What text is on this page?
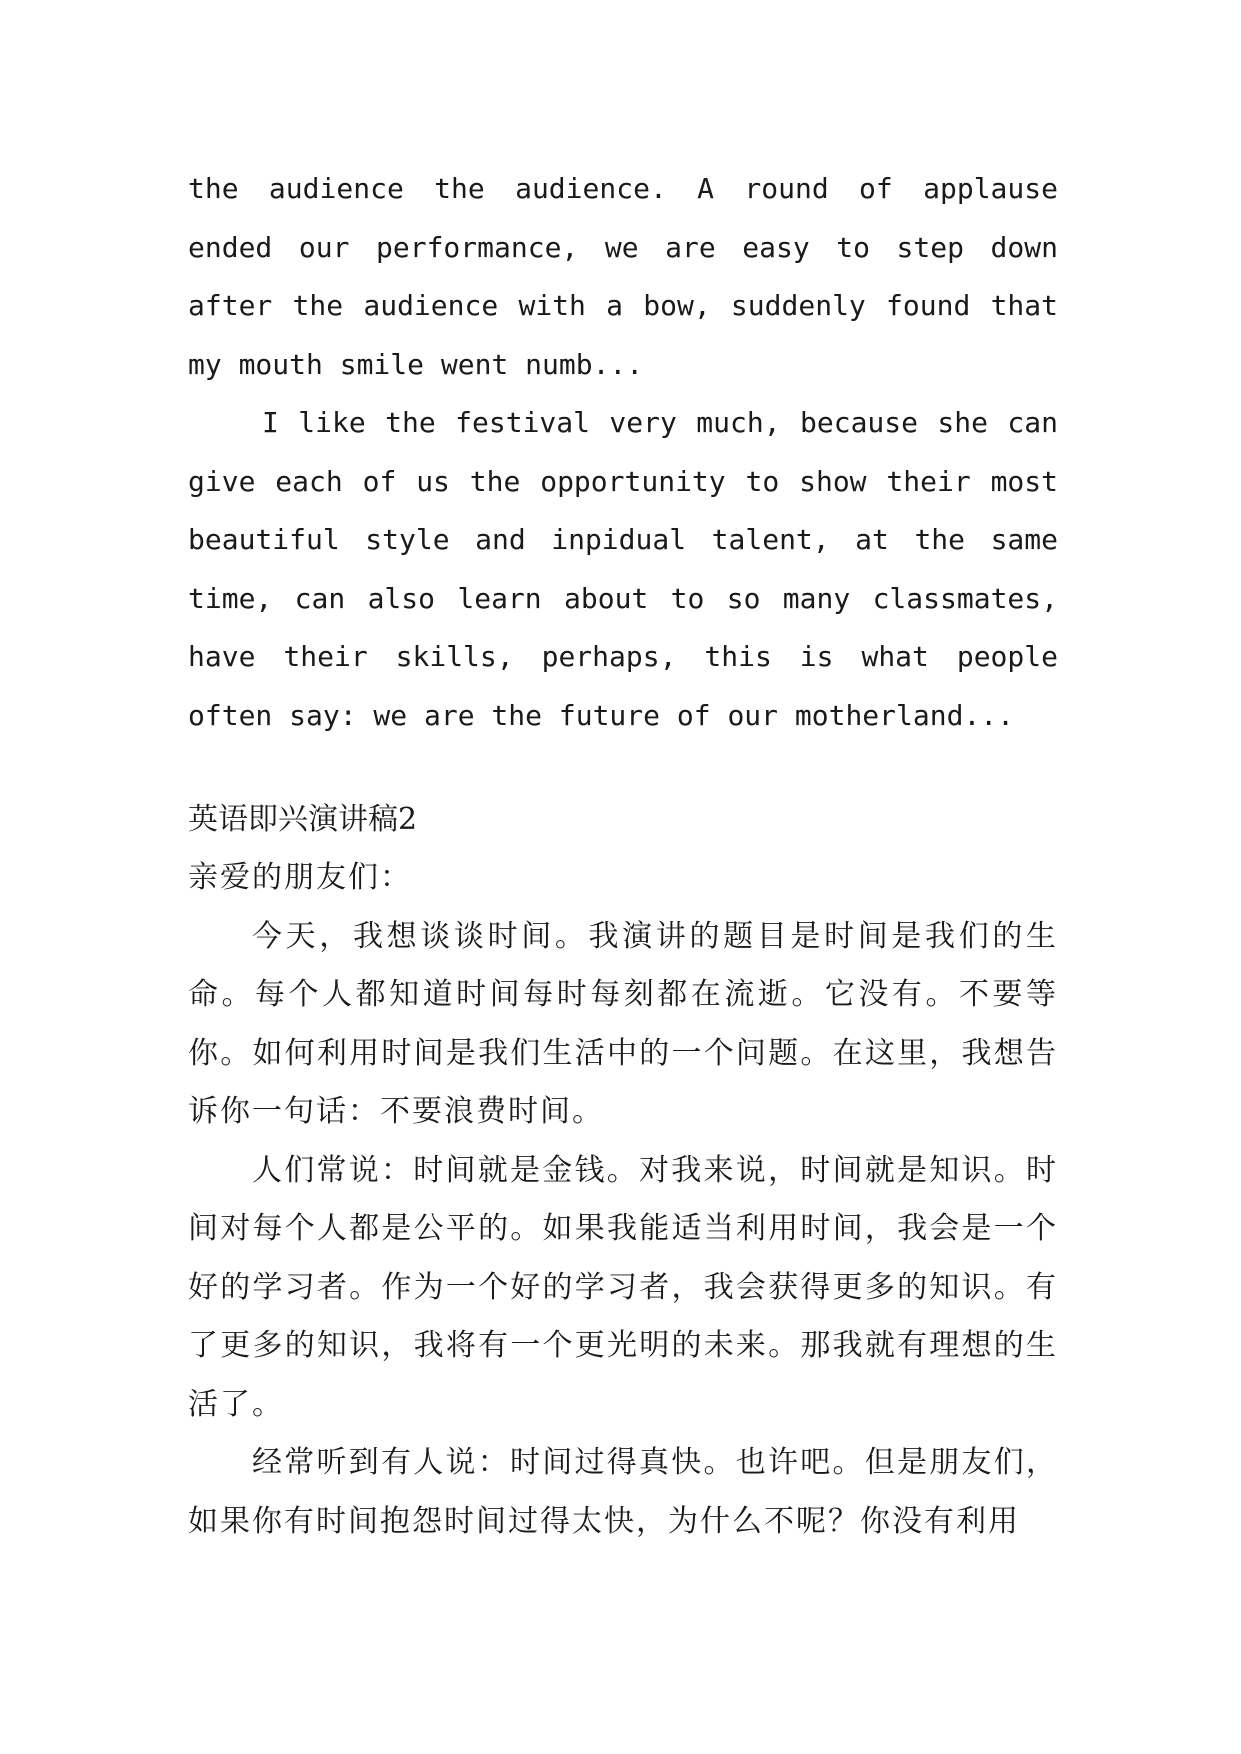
the audience the audience. A round of applause ended our performance, we are easy to step down after the audience with a bow, suddenly found that my mouth smile went numb...

I like the festival very much, because she can give each of us the opportunity to show their most beautiful style and inpidual talent, at the same time, can also learn about to so many classmates, have their skills, perhaps, this is what people often say: we are the future of our motherland...

英语即兴演讲稿2

亲爱的朋友们：

今天，我想谈谈时间。我演讲的题目是时间是我们的生命。每个人都知道时间每时每刻都在流逝。它没有。不要等你。如何利用时间是我们生活中的一个问题。在这里，我想告诉你一句话：不要浪费时间。

人们常说：时间就是金钱。对我来说，时间就是知识。时间对每个人都是公平的。如果我能适当利用时间，我会是一个好的学习者。作为一个好的学习者，我会获得更多的知识。有了更多的知识，我将有一个更光明的未来。那我就有理想的生活了。

经常听到有人说：时间过得真快。也许吧。但是朋友们，如果你有时间抱怨时间过得太快，为什么不呢？你没有利用
